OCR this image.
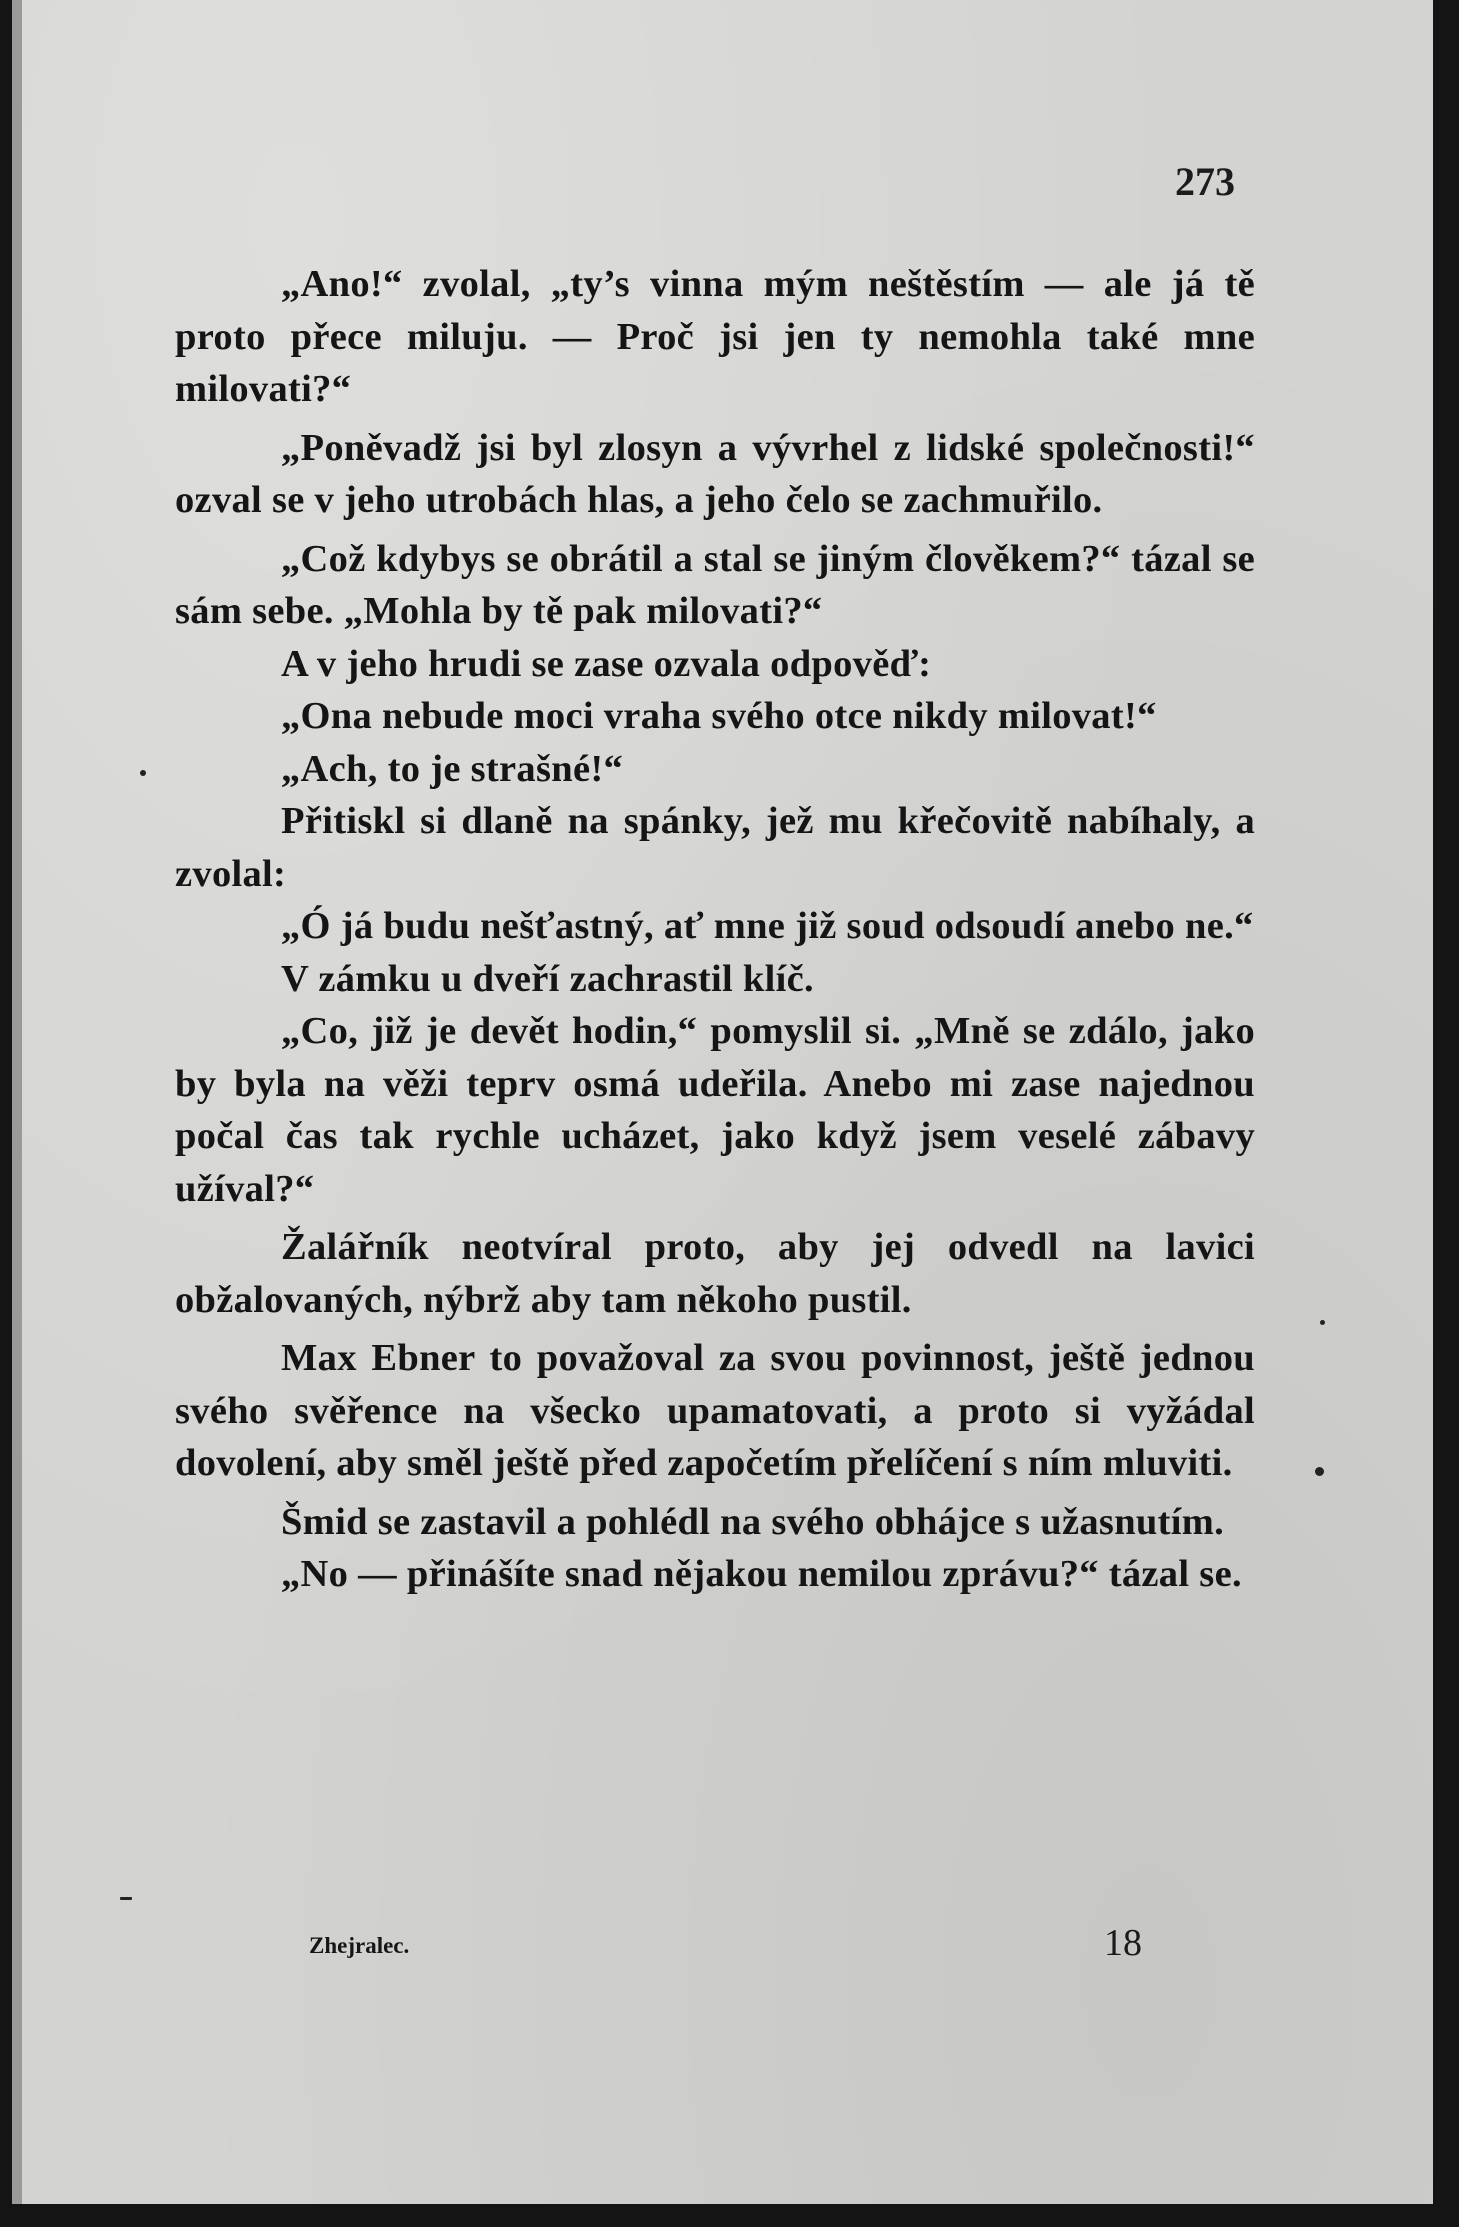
273

„Ano!“ zvolal, „ty’s vinna mým neštěstím — ale já tě proto přece miluju. — Proč jsi jen ty nemohla také mne milovati?“

„Poněvadž jsi byl zlosyn a vývrhel z lidské společnosti!“ ozval se v jeho utrobách hlas, a jeho čelo se zachmuřilo.

„Což kdybys se obrátil a stal se jiným člověkem?“ tázal se sám sebe. „Mohla by tě pak milovati?“

A v jeho hrudi se zase ozvala odpověď:

„Ona nebude moci vraha svého otce nikdy milovat!“

„Ach, to je strašné!“

Přitiskl si dlaně na spánky, jež mu křečovitě nabíhaly, a zvolal:

„Ó já budu nešťastný, ať mne již soud odsoudí anebo ne.“

V zámku u dveří zachrastil klíč.

„Co, již je devět hodin,“ pomyslil si. „Mně se zdálo, jako by byla na věži teprv osmá udeřila. Anebo mi zase najednou počal čas tak rychle ucházet, jako když jsem veselé zábavy užíval?“

Žalářník neotvíral proto, aby jej odvedl na lavici obžalovaných, nýbrž aby tam někoho pustil.

Max Ebner to považoval za svou povinnost, ještě jednou svého svěřence na všecko upamatovati, a proto si vyžádal dovolení, aby směl ještě před započetím přelíčení s ním mluviti.

Šmid se zastavil a pohlédl na svého obhájce s užasnutím.

„No — přinášíte snad nějakou nemilou zprávu?“ tázal se.

Zhejralec.	18
